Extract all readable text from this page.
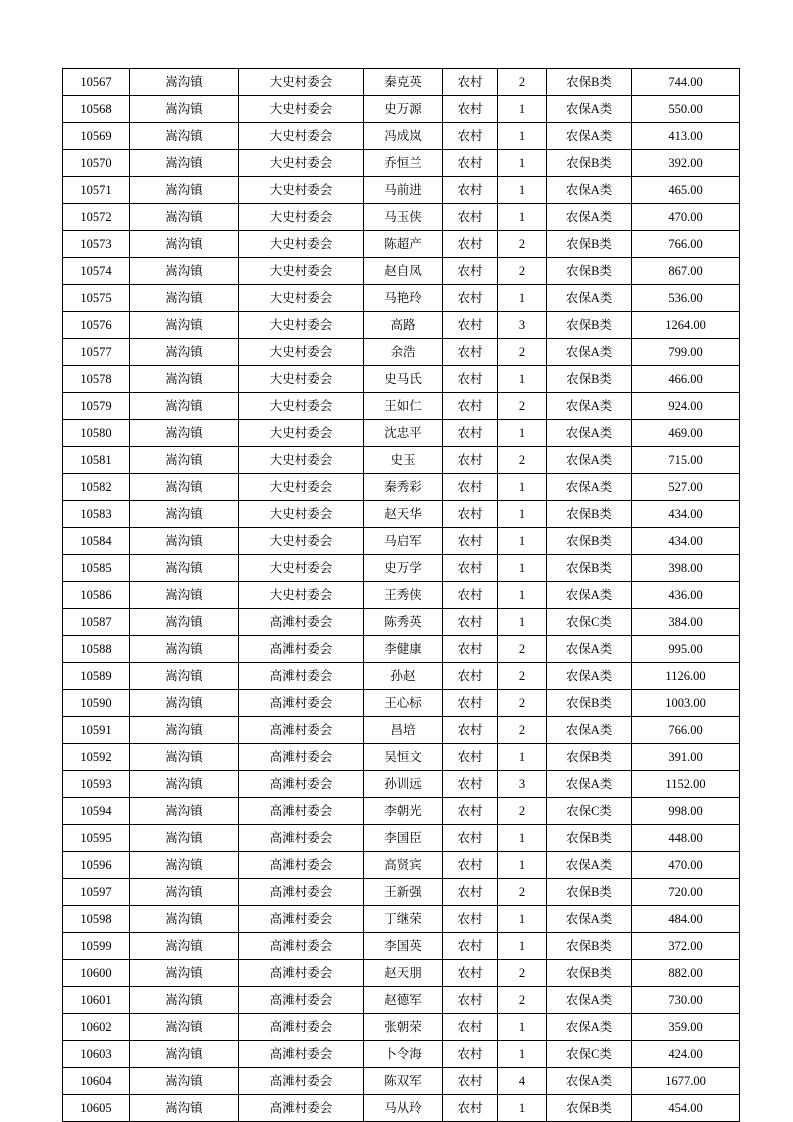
10567	嵩沟镇	大史村委会	秦克英	农村	2	农保B类	744.00
10568	嵩沟镇	大史村委会	史万源	农村	1	农保A类	550.00
10569	嵩沟镇	大史村委会	冯成岚	农村	1	农保A类	413.00
10570	嵩沟镇	大史村委会	乔恒兰	农村	1	农保B类	392.00
10571	嵩沟镇	大史村委会	马前进	农村	1	农保A类	465.00
10572	嵩沟镇	大史村委会	马玉侠	农村	1	农保A类	470.00
10573	嵩沟镇	大史村委会	陈超产	农村	2	农保B类	766.00
10574	嵩沟镇	大史村委会	赵自凤	农村	2	农保B类	867.00
10575	嵩沟镇	大史村委会	马艳玲	农村	1	农保A类	536.00
10576	嵩沟镇	大史村委会	高路	农村	3	农保B类	1264.00
10577	嵩沟镇	大史村委会	余浩	农村	2	农保A类	799.00
10578	嵩沟镇	大史村委会	史马氏	农村	1	农保B类	466.00
10579	嵩沟镇	大史村委会	王如仁	农村	2	农保A类	924.00
10580	嵩沟镇	大史村委会	沈忠平	农村	1	农保A类	469.00
10581	嵩沟镇	大史村委会	史玉	农村	2	农保A类	715.00
10582	嵩沟镇	大史村委会	秦秀彩	农村	1	农保A类	527.00
10583	嵩沟镇	大史村委会	赵天华	农村	1	农保B类	434.00
10584	嵩沟镇	大史村委会	马启军	农村	1	农保B类	434.00
10585	嵩沟镇	大史村委会	史万学	农村	1	农保B类	398.00
10586	嵩沟镇	大史村委会	王秀侠	农村	1	农保A类	436.00
10587	嵩沟镇	高滩村委会	陈秀英	农村	1	农保C类	384.00
10588	嵩沟镇	高滩村委会	李健康	农村	2	农保A类	995.00
10589	嵩沟镇	高滩村委会	孙赵	农村	2	农保A类	1126.00
10590	嵩沟镇	高滩村委会	王心标	农村	2	农保B类	1003.00
10591	嵩沟镇	高滩村委会	昌培	农村	2	农保A类	766.00
10592	嵩沟镇	高滩村委会	吴恒文	农村	1	农保B类	391.00
10593	嵩沟镇	高滩村委会	孙训远	农村	3	农保A类	1152.00
10594	嵩沟镇	高滩村委会	李朝光	农村	2	农保C类	998.00
10595	嵩沟镇	高滩村委会	李国臣	农村	1	农保B类	448.00
10596	嵩沟镇	高滩村委会	高贤宾	农村	1	农保A类	470.00
10597	嵩沟镇	高滩村委会	王新强	农村	2	农保B类	720.00
10598	嵩沟镇	高滩村委会	丁继荣	农村	1	农保A类	484.00
10599	嵩沟镇	高滩村委会	李国英	农村	1	农保B类	372.00
10600	嵩沟镇	高滩村委会	赵天朋	农村	2	农保B类	882.00
10601	嵩沟镇	高滩村委会	赵德军	农村	2	农保A类	730.00
10602	嵩沟镇	高滩村委会	张朝荣	农村	1	农保A类	359.00
10603	嵩沟镇	高滩村委会	卜令海	农村	1	农保C类	424.00
10604	嵩沟镇	高滩村委会	陈双军	农村	4	农保A类	1677.00
10605	嵩沟镇	高滩村委会	马从玲	农村	1	农保B类	454.00
